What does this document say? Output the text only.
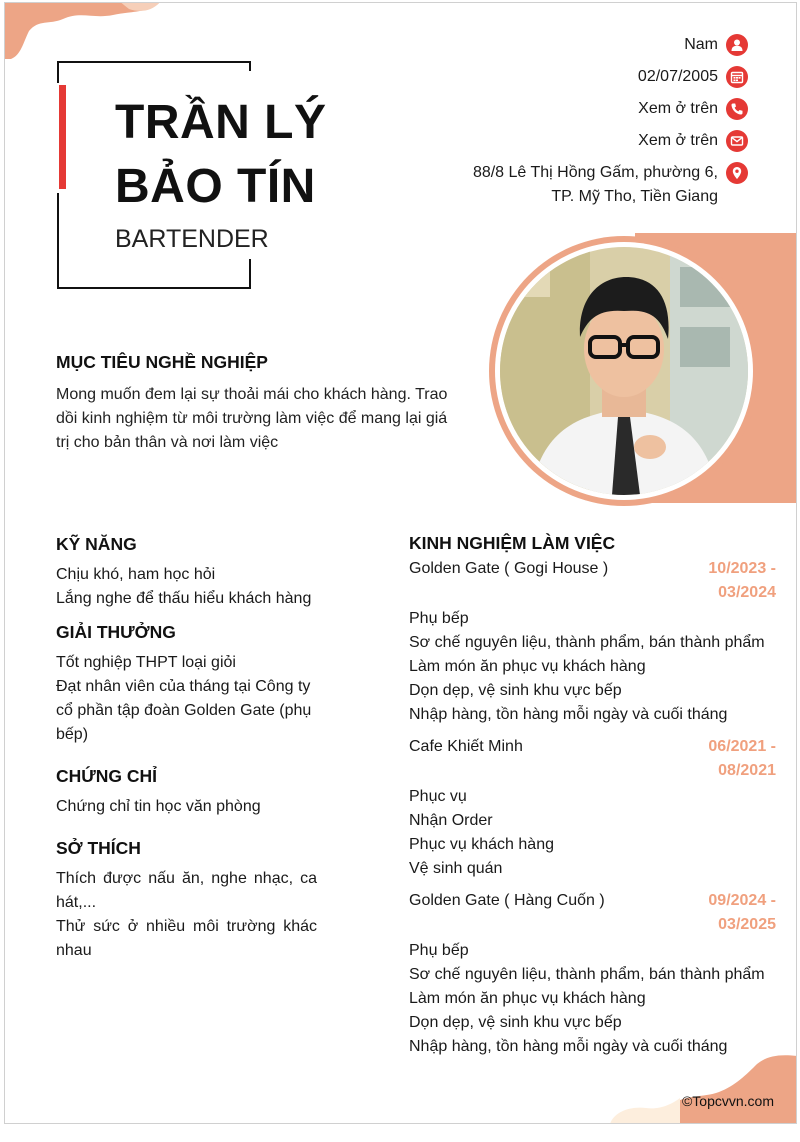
TRẦN LÝ BẢO TÍN
BARTENDER
Nam
02/07/2005
Xem ở trên
Xem ở trên
88/8 Lê Thị Hồng Gấm, phường 6, TP. Mỹ Tho, Tiền Giang
MỤC TIÊU NGHỀ NGHIỆP
Mong muốn đem lại sự thoải mái cho khách hàng. Trao dồi kinh nghiệm từ môi trường làm việc để mang lại giá trị cho bản thân và nơi làm việc
KỸ NĂNG
Chịu khó, ham học hỏi
Lắng nghe để thấu hiểu khách hàng
GIẢI THƯỞNG
Tốt nghiệp THPT loại giỏi
Đạt nhân viên của tháng tại Công ty cổ phần tập đoàn Golden Gate (phụ bếp)
CHỨNG CHỈ
Chứng chỉ tin học văn phòng
SỞ THÍCH
Thích được nấu ăn, nghe nhạc, ca hát,...
Thử sức ở nhiều môi trường khác nhau
KINH NGHIỆM LÀM VIỆC
Golden Gate ( Gogi House )	10/2023 -
03/2024
Phụ bếp
Sơ chế nguyên liệu, thành phẩm, bán thành phẩm
Làm món ăn phục vụ khách hàng
Dọn dẹp, vệ sinh khu vực bếp
Nhập hàng, tồn hàng mỗi ngày và cuối tháng
Cafe Khiết Minh	06/2021 -
08/2021
Phục vụ
Nhận Order
Phục vụ khách hàng
Vệ sinh quán
Golden Gate ( Hàng Cuốn )	09/2024 -
03/2025
Phụ bếp
Sơ chế nguyên liệu, thành phẩm, bán thành phẩm
Làm món ăn phục vụ khách hàng
Dọn dẹp, vệ sinh khu vực bếp
Nhập hàng, tồn hàng mỗi ngày và cuối tháng
©Topcvvn.com
